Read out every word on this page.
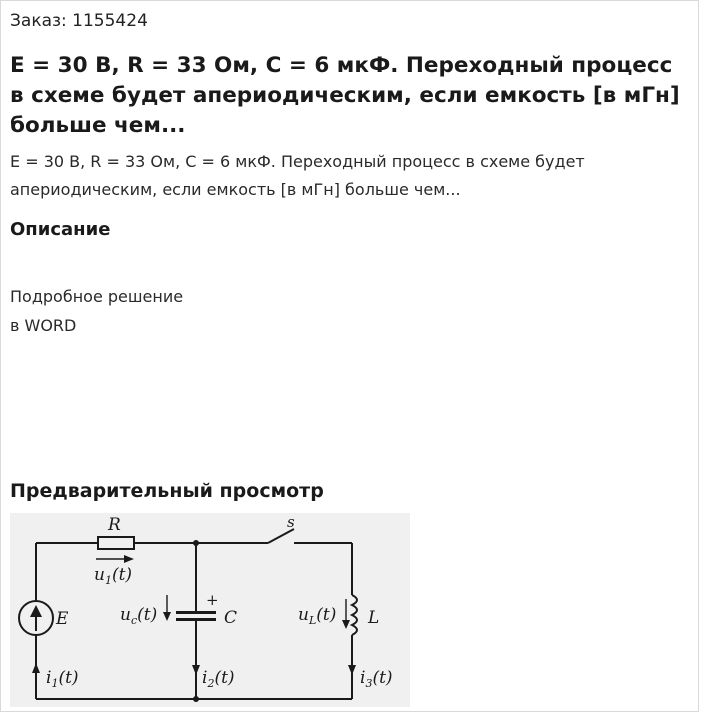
Заказ: 1155424
E = 30 В, R = 33 Ом, C = 6 мкФ. Переходный процесс в схеме будет апериодическим, если емкость [в мГн] больше чем...
E = 30 В, R = 33 Ом, C = 6 мкФ. Переходный процесс в схеме будет апериодическим, если емкость [в мГн] больше чем...
Описание
Подробное решение
в WORD
Предварительный просмотр
R	s
$u_1(t)$
E	$u_c(t)$
+
C	$u_L(t)$ L
$i_1(t)$	$i_2(t)$	$i_3(t)$
